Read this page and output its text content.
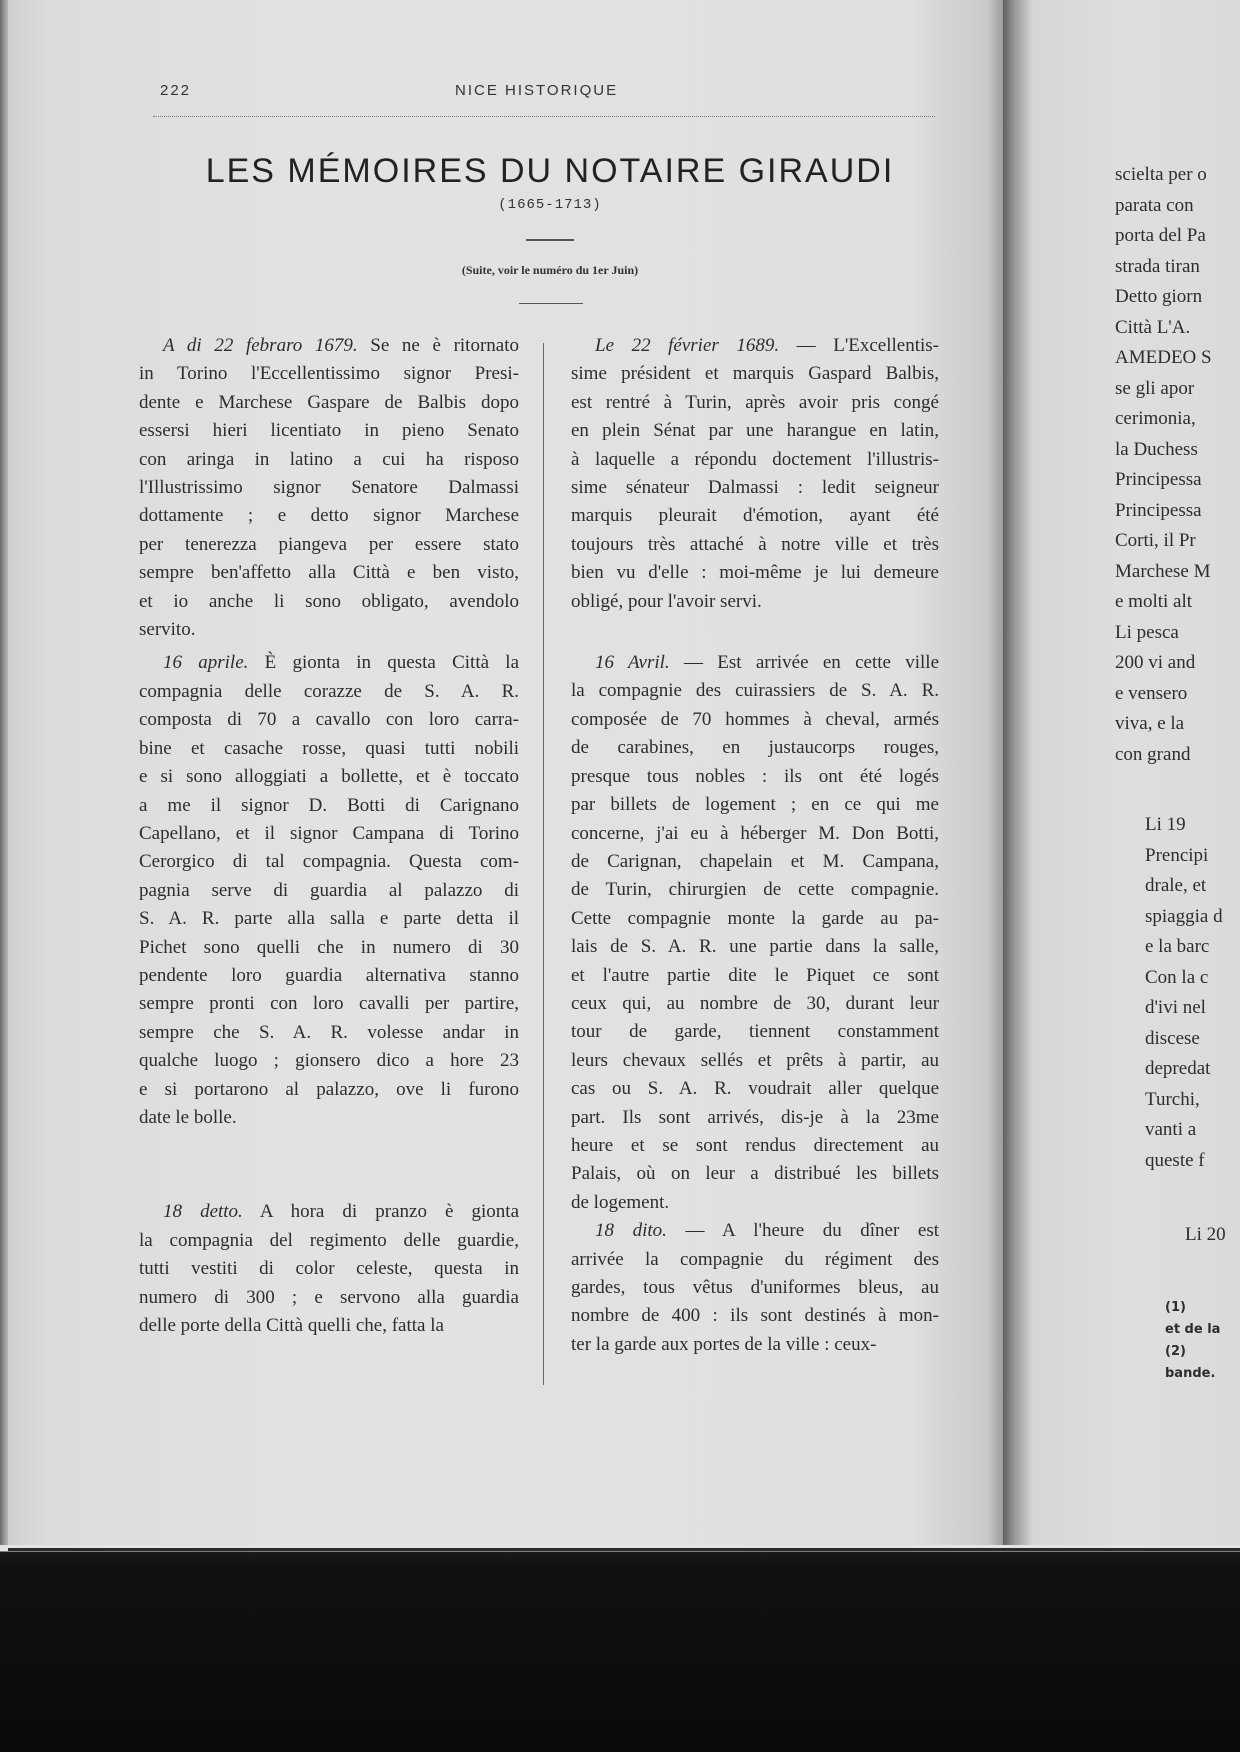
222	NICE HISTORIQUE
LES MÉMOIRES DU NOTAIRE GIRAUDI
(1665-1713)
(Suite, voir le numéro du 1er Juin)
A di 22 febraro 1679. Se ne è ritornato
in Torino l'Eccellentissimo signor Presi-
dente e Marchese Gaspare de Balbis dopo
essersi hieri licentiato in pieno Senato
con aringa in latino a cui ha risposo
l'Illustrissimo signor Senatore Dalmassi
dottamente ; e detto signor Marchese
per tenerezza piangeva per essere stato
sempre ben'affetto alla Città e ben visto,
et io anche li sono obligato, avendolo
servito.
16 aprile. È gionta in questa Città la
compagnia delle corazze de S. A. R.
composta di 70 a cavallo con loro carra-
bine et casache rosse, quasi tutti nobili
e si sono alloggiati a bollette, et è toccato
a me il signor D. Botti di Carignano
Capellano, et il signor Campana di Torino
Cerorgico di tal compagnia. Questa com-
pagnia serve di guardia al palazzo di
S. A. R. parte alla salla e parte detta il
Pichet sono quelli che in numero di 30
pendente loro guardia alternativa stanno
sempre pronti con loro cavalli per partire,
sempre che S. A. R. volesse andar in
qualche luogo ; gionsero dico a hore 23
e si portarono al palazzo, ove li furono
date le bolle.
18 detto. A hora di pranzo è gionta
la compagnia del regimento delle guardie,
tutti vestiti di color celeste, questa in
numero di 300 ; e servono alla guardia
delle porte della Città quelli che, fatta la
Le 22 février 1689. — L'Excellentis-
sime président et marquis Gaspard Balbis,
est rentré à Turin, après avoir pris congé
en plein Sénat par une harangue en latin,
à laquelle a répondu doctement l'illustris-
sime sénateur Dalmassi : ledit seigneur
marquis pleurait d'émotion, ayant été
toujours très attaché à notre ville et très
bien vu d'elle : moi-même je lui demeure
obligé, pour l'avoir servi.
16 Avril. — Est arrivée en cette ville
la compagnie des cuirassiers de S. A. R.
composée de 70 hommes à cheval, armés
de carabines, en justaucorps rouges,
presque tous nobles : ils ont été logés
par billets de logement ; en ce qui me
concerne, j'ai eu à héberger M. Don Botti,
de Carignan, chapelain et M. Campana,
de Turin, chirurgien de cette compagnie.
Cette compagnie monte la garde au pa-
lais de S. A. R. une partie dans la salle,
et l'autre partie dite le Piquet ce sont
ceux qui, au nombre de 30, durant leur
tour de garde, tiennent constamment
leurs chevaux sellés et prêts à partir, au
cas ou S. A. R. voudrait aller quelque
part. Ils sont arrivés, dis-je à la 23me
heure et se sont rendus directement au
Palais, où on leur a distribué les billets
de logement.
18 dito. — A l'heure du dîner est
arrivée la compagnie du régiment des
gardes, tous vêtus d'uniformes bleus, au
nombre de 400 : ils sont destinés à mon-
ter la garde aux portes de la ville : ceux-
scielta per o
parata con
porta del Pa
strada tiran
Detto giorn
Città L'A.
AMEDEO S
se gli apor
cerimonia,
la Duchess
Principessa
Principessa
Corti, il Pr
Marchese M
e molti alt
Li pesca
200 vi and
e vensero
viva, e la
con grand
Li 19
Prencipi
drale, et
spiaggia d
e la barc
Con la c
d'ivi nel
discese
depredat
Turchi,
vanti a
queste f
Li 20
(1)
et de la
(2)
bande.
